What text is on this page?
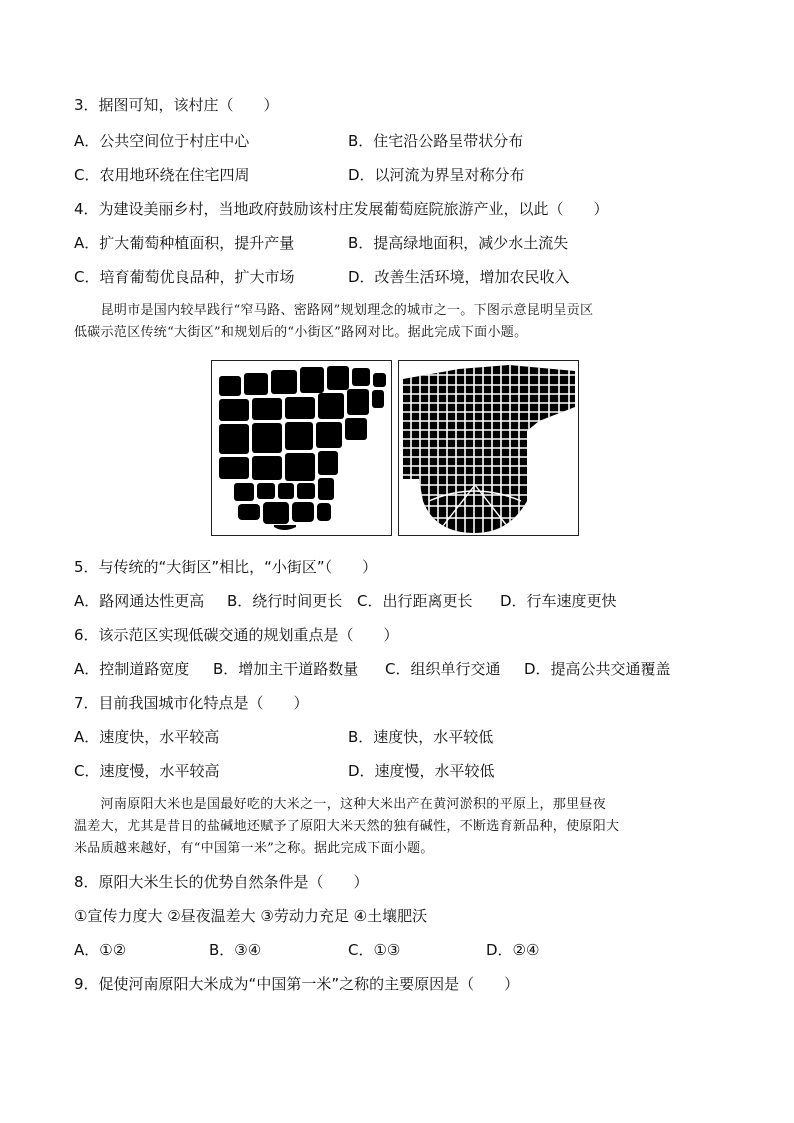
3．据图可知，该村庄（　　）
A．公共空间位于村庄中心	B．住宅沿公路呈带状分布
C．农用地环绕在住宅四周	D．以河流为界呈对称分布
4．为建设美丽乡村，当地政府鼓励该村庄发展葡萄庭院旅游产业，以此（　　）
A．扩大葡萄种植面积，提升产量	B．提高绿地面积，减少水土流失
C．培育葡萄优良品种，扩大市场	D．改善生活环境，增加农民收入
　　昆明市是国内较早践行“窄马路、密路网”规划理念的城市之一。下图示意昆明呈贡区
低碳示范区传统“大街区”和规划后的“小街区”路网对比。据此完成下面小题。
5．与传统的“大街区”相比，“小街区”（　　）
A．路网通达性更高 B．绕行时间更长 C．出行距离更长 D．行车速度更快
6．该示范区实现低碳交通的规划重点是（　　）
A．控制道路宽度 B．增加主干道路数量 C．组织单行交通 D．提高公共交通覆盖
7．目前我国城市化特点是（　　）
A．速度快，水平较高	B．速度快，水平较低
C．速度慢，水平较高	D．速度慢，水平较低
　　河南原阳大米也是国最好吃的大米之一，这种大米出产在黄河淤积的平原上，那里昼夜
温差大，尤其是昔日的盐碱地还赋予了原阳大米天然的独有碱性，不断选育新品种，使原阳大
米品质越来越好，有“中国第一米”之称。据此完成下面小题。
8．原阳大米生长的优势自然条件是（　　）
①宣传力度大 ②昼夜温差大 ③劳动力充足 ④土壤肥沃
A．①②	B．③④	C．①③	D．②④
9．促使河南原阳大米成为“中国第一米”之称的主要原因是（　　）
